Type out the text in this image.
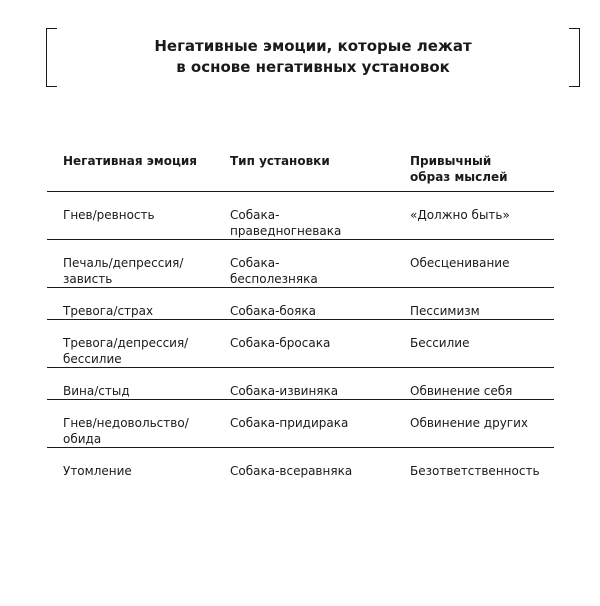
Негативные эмоции, которые лежат
в основе негативных установок
Негативная эмоция	Тип установки	Привычный
образ мыслей

Гнев/ревность	Собака-
праведногневака	«Должно быть»

Печаль/депрессия/
зависть	Собака-
бесполезняка	Обесценивание

Тревога/страх	Собака-бояка	Пессимизм

Тревога/депрессия/
бессилие	Собака-бросака	Бессилие

Вина/стыд	Собака-извиняка	Обвинение себя

Гнев/недовольство/
обида	Собака-придирака	Обвинение других

Утомление	Собака-всеравняка	Безответственность
